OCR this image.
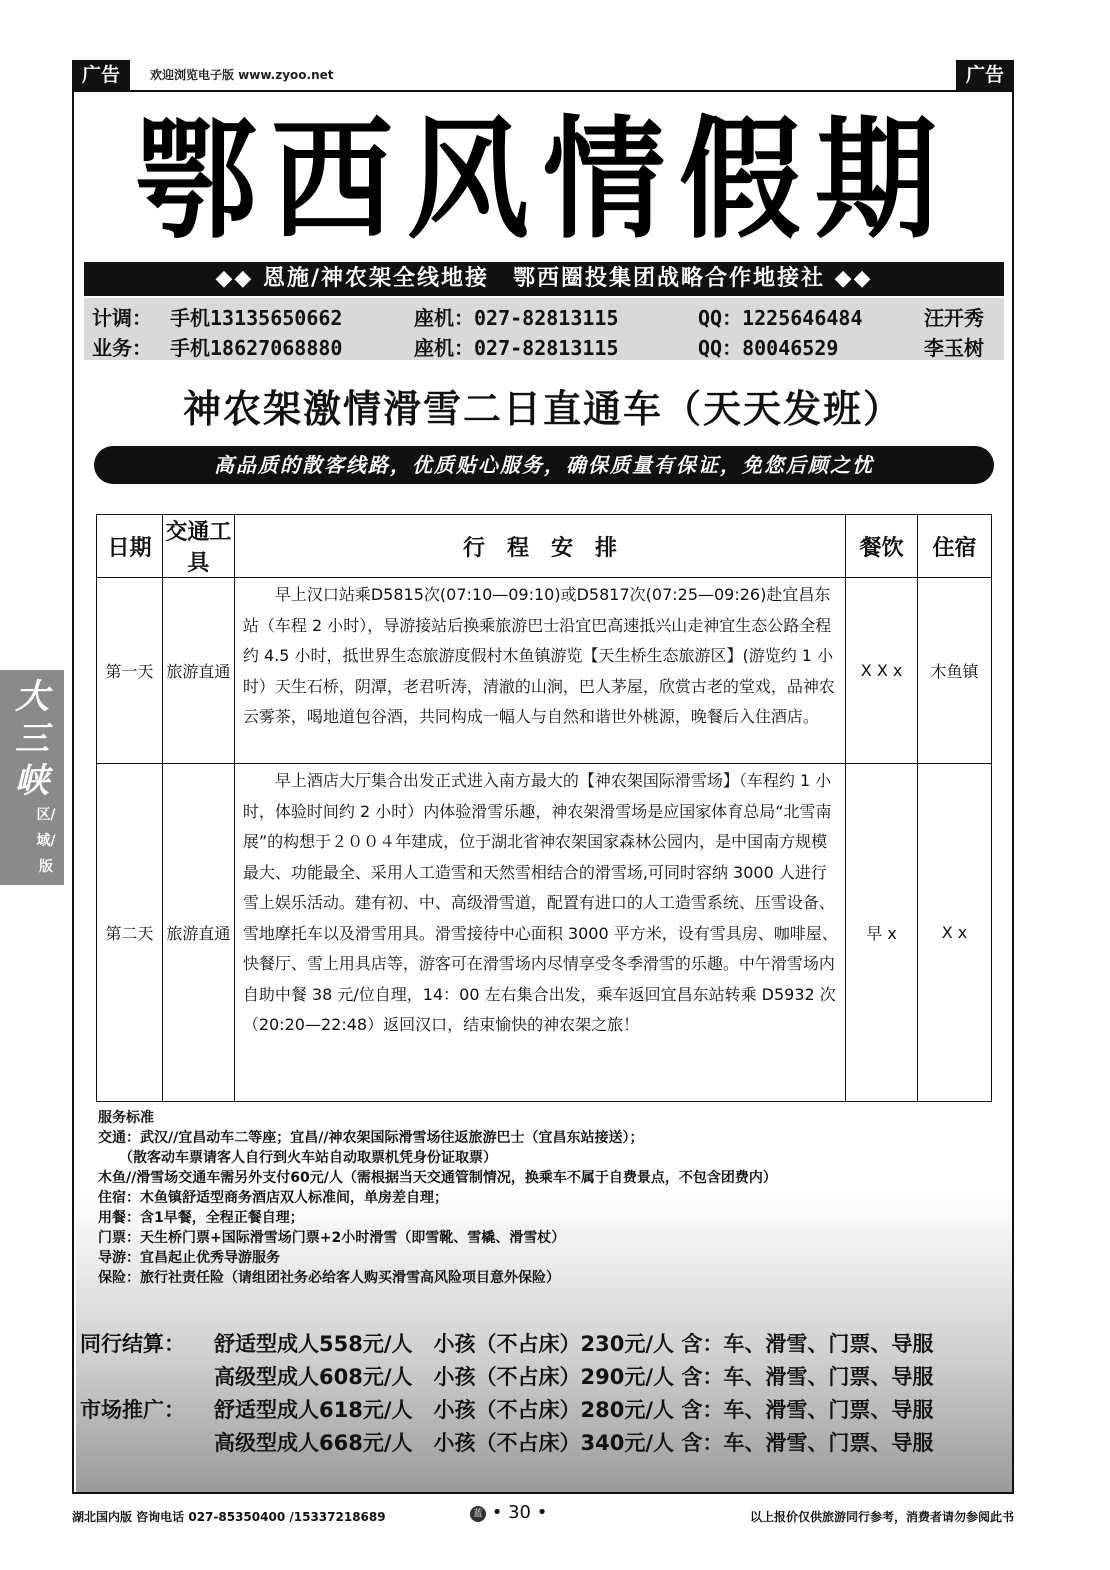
广告	欢迎浏览电子版 www.zyoo.net	广告
大三峡
区/域/版
鄂西风情假期
◆◆ 恩施/神农架全线地接　鄂西圈投集团战略合作地接社 ◆◆
计调： 手机13135650662	座机：027-82813115	QQ：1225646484	汪开秀
业务： 手机18627068880	座机：027-82813115	QQ：80046529	李玉树
神农架激情滑雪二日直通车（天天发班）
高品质的散客线路，优质贴心服务，确保质量有保证，免您后顾之忧
日期	交通工具	行　程　安　排	餐饮	住宿
第一天	旅游直通	早上汉口站乘D5815次(07:10—09:10)或D5817次(07:25—09:26)赴宜昌东站（车程 2 小时），导游接站后换乘旅游巴士沿宜巴高速抵兴山走神宜生态公路全程约 4.5 小时，抵世界生态旅游度假村木鱼镇游览【天生桥生态旅游区】(游览约 1 小时）天生石桥，阴潭，老君听涛，清澈的山涧，巴人茅屋，欣赏古老的堂戏，品神农云雾茶，喝地道包谷酒，共同构成一幅人与自然和谐世外桃源，晚餐后入住酒店。	X X x	木鱼镇
第二天	旅游直通	早上酒店大厅集合出发正式进入南方最大的【神农架国际滑雪场】（车程约 1 小时，体验时间约 2 小时）内体验滑雪乐趣，神农架滑雪场是应国家体育总局“北雪南展”的构想于２００４年建成，位于湖北省神农架国家森林公园内，是中国南方规模最大、功能最全、采用人工造雪和天然雪相结合的滑雪场,可同时容纳 3000 人进行雪上娱乐活动。建有初、中、高级滑雪道，配置有进口的人工造雪系统、压雪设备、雪地摩托车以及滑雪用具。滑雪接待中心面积 3000 平方米，设有雪具房、咖啡屋、快餐厅、雪上用具店等，游客可在滑雪场内尽情享受冬季滑雪的乐趣。中午滑雪场内自助中餐 38 元/位自理，14：00 左右集合出发，乘车返回宜昌东站转乘 D5932 次 （20:20—22:48）返回汉口，结束愉快的神农架之旅！	早 x	X x
服务标准
交通：武汉//宜昌动车二等座；宜昌//神农架国际滑雪场往返旅游巴士（宜昌东站接送）；
　　（散客动车票请客人自行到火车站自动取票机凭身份证取票）
木鱼//滑雪场交通车需另外支付60元/人（需根据当天交通管制情况，换乘车不属于自费景点，不包含团费内）
住宿：木鱼镇舒适型商务酒店双人标准间，单房差自理；
用餐：含1早餐，全程正餐自理；
门票：天生桥门票+国际滑雪场门票+2小时滑雪（即雪靴、雪橇、滑雪杖）
导游：宜昌起止优秀导游服务
保险：旅行社责任险（请组团社务必给客人购买滑雪高风险项目意外保险）
同行结算： 舒适型成人558元/人　小孩（不占床）230元/人 含：车、滑雪、门票、导服
高级型成人608元/人　小孩（不占床）290元/人 含：车、滑雪、门票、导服
市场推广： 舒适型成人618元/人　小孩（不占床）280元/人 含：车、滑雪、门票、导服
高级型成人668元/人　小孩（不占床）340元/人 含：车、滑雪、门票、导服
湖北国内版 咨询电话 027-85350400 /15337218689	蓝 • 30 •	以上报价仅供旅游同行参考，消费者请勿参阅此书
